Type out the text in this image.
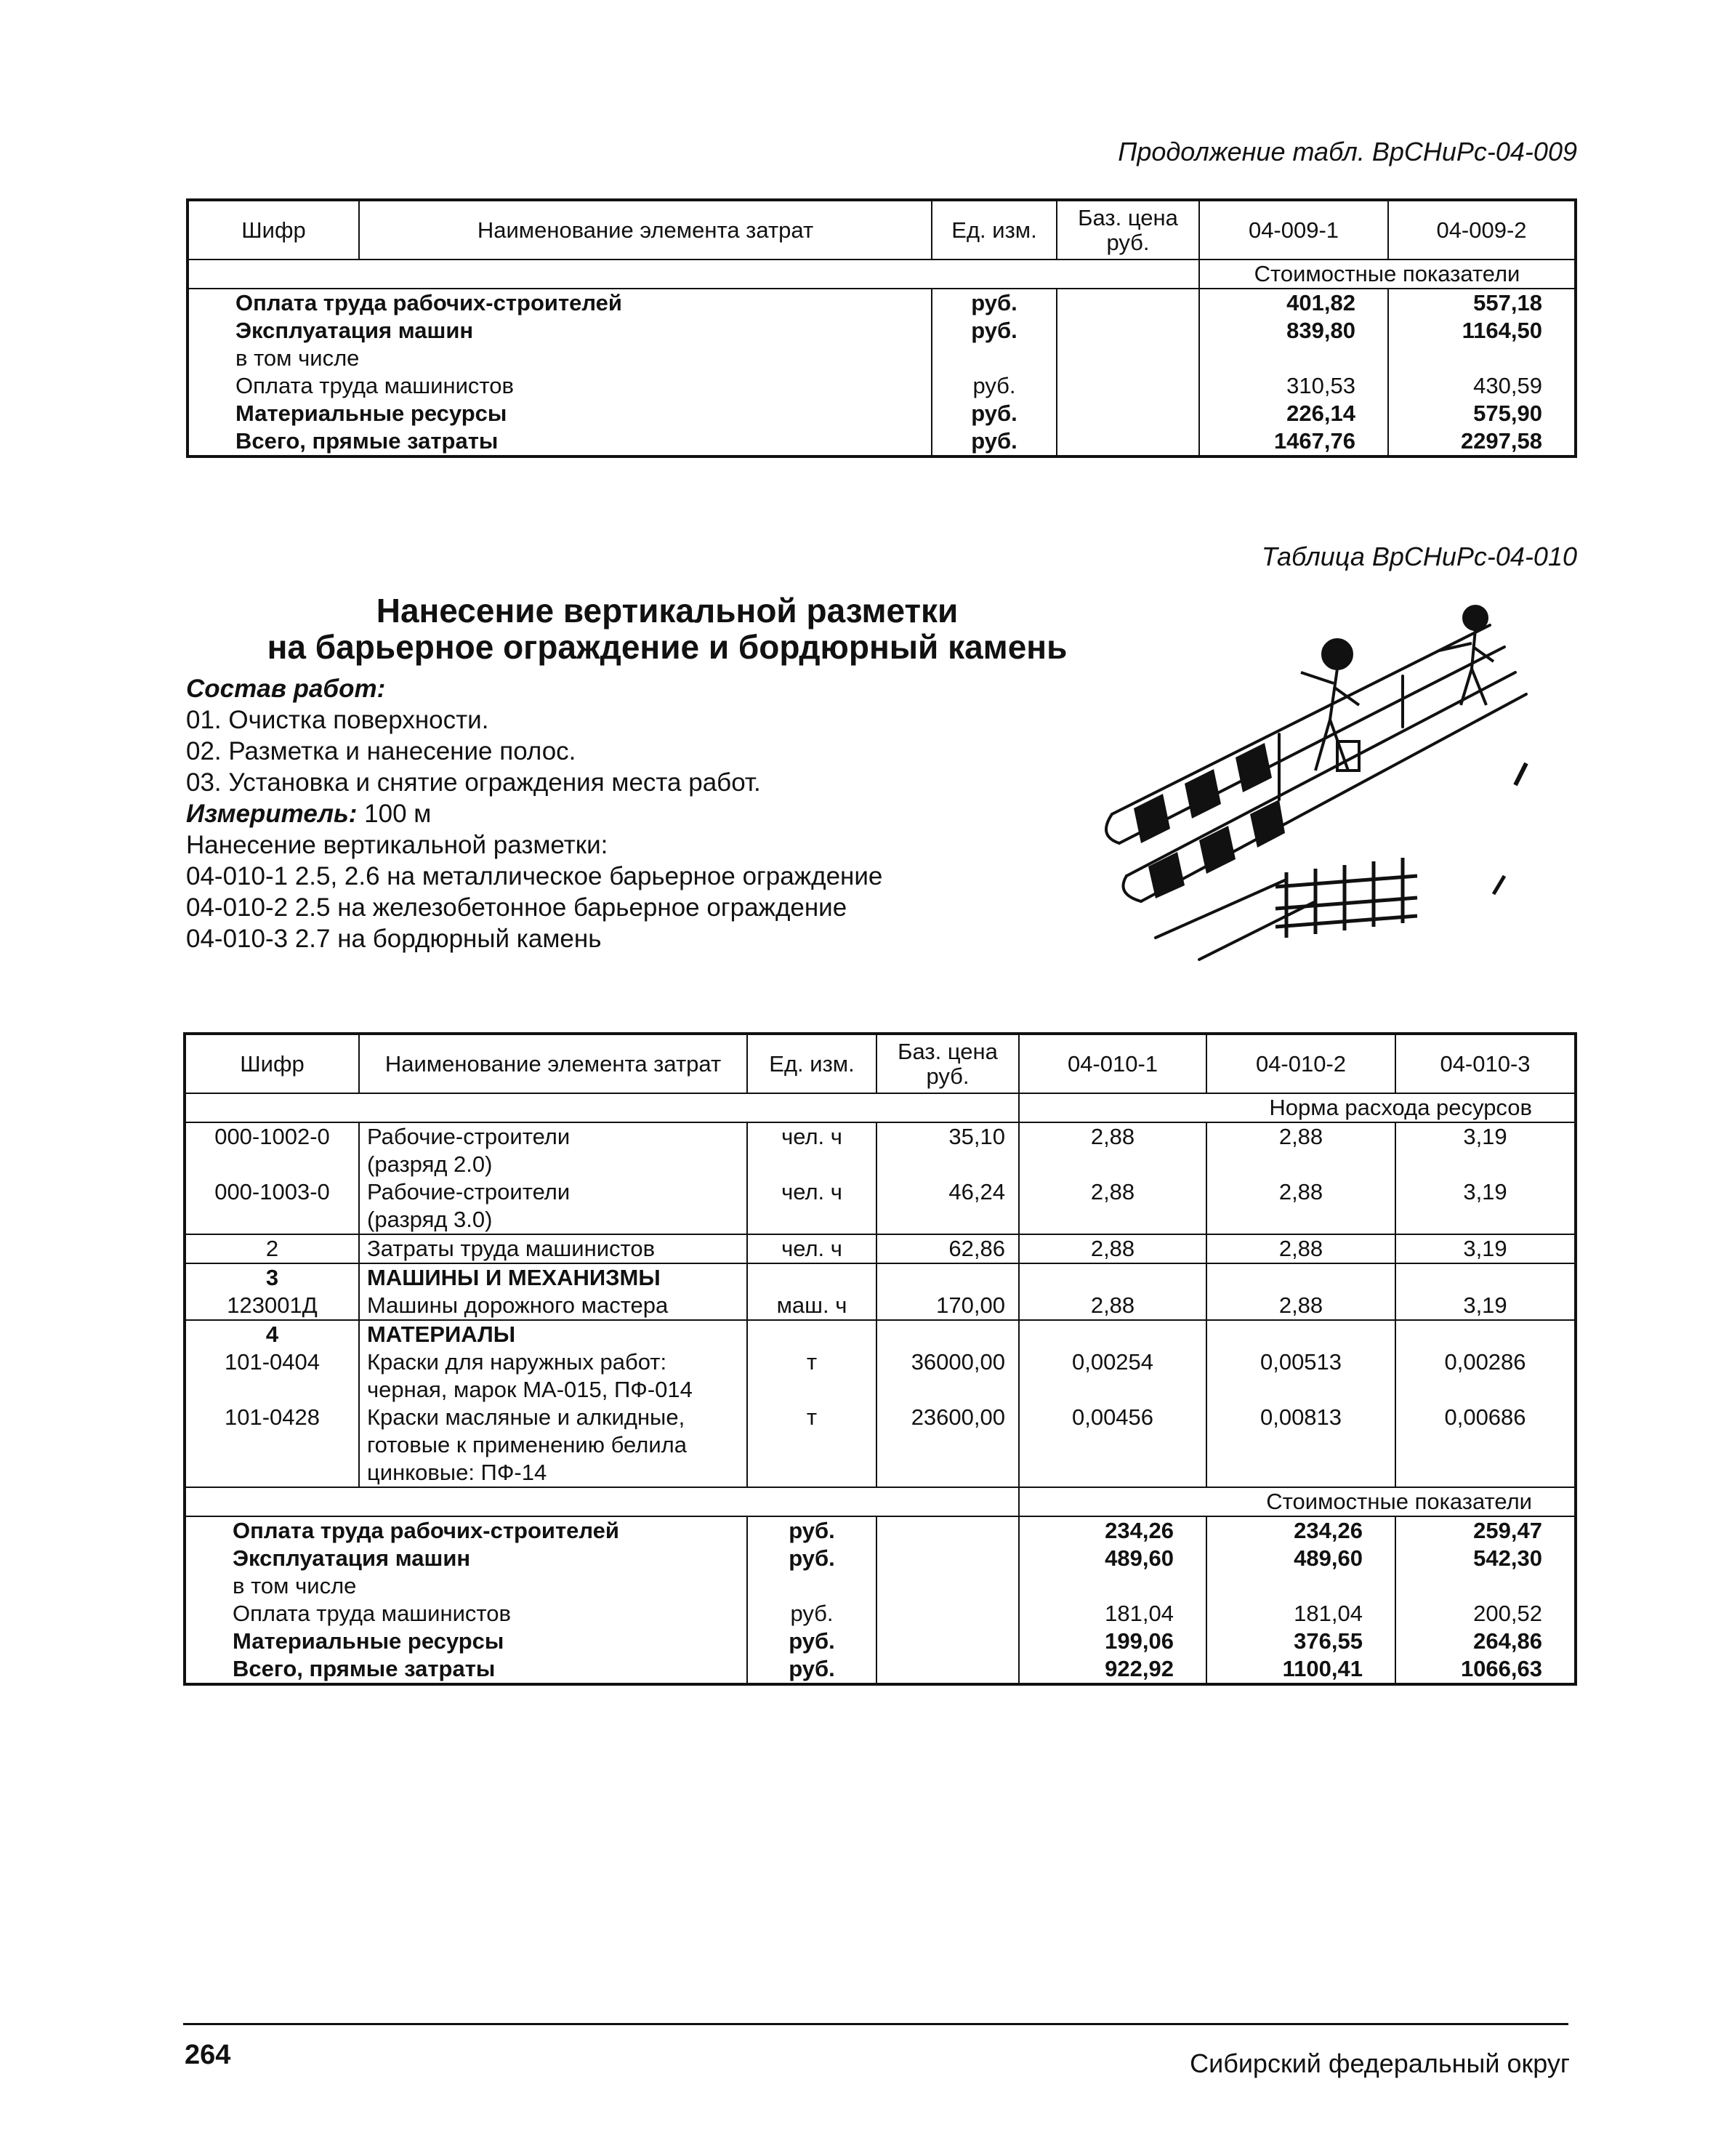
Продолжение табл. ВрСНиРс-04-009
Шифр	Наименование элемента затрат	Ед. изм.	Баз. цена руб.	04-009-1	04-009-2
				Стоимостные показатели	
Оплата труда рабочих-строителей		руб.		401,82	557,18
Эксплуатация машин		руб.		839,80	1164,50
в том числе					
Оплата труда машинистов		руб.		310,53	430,59
Материальные ресурсы		руб.		226,14	575,90
Всего, прямые затраты		руб.		1467,76	2297,58
Таблица ВрСНиРс-04-010
Нанесение вертикальной разметки
на барьерное ограждение и бордюрный камень
Состав работ:
01. Очистка поверхности.
02. Разметка и нанесение полос.
03. Установка и снятие ограждения места работ.
Измеритель: 100 м
Нанесение вертикальной разметки:
04-010-1 2.5, 2.6 на металлическое барьерное ограждение
04-010-2 2.5 на железобетонное барьерное ограждение
04-010-3 2.7 на бордюрный камень
Шифр	Наименование элемента затрат	Ед. изм.	Баз. цена руб.	04-010-1	04-010-2	04-010-3
				Норма расхода ресурсов		
000-1002-0	Рабочие-строители
(разряд 2.0)	чел. ч	35,10	2,88	2,88	3,19
000-1003-0	Рабочие-строители
(разряд 3.0)	чел. ч	46,24	2,88	2,88	3,19
2	Затраты труда машинистов	чел. ч	62,86	2,88	2,88	3,19
3	МАШИНЫ И МЕХАНИЗМЫ					
123001Д	Машины дорожного мастера	маш. ч	170,00	2,88	2,88	3,19
4	МАТЕРИАЛЫ					
101-0404	Краски для наружных работ:
черная, марок МА-015, ПФ-014	т	36000,00	0,00254	0,00513	0,00286
101-0428	Краски масляные и алкидные,
готовые к применению белила
цинковые: ПФ-14	т	23600,00	0,00456	0,00813	0,00686
				Стоимостные показатели		
Оплата труда рабочих-строителей		руб.		234,26	234,26	259,47
Эксплуатация машин		руб.		489,60	489,60	542,30
в том числе						
Оплата труда машинистов		руб.		181,04	181,04	200,52
Материальные ресурсы		руб.		199,06	376,55	264,86
Всего, прямые затраты		руб.		922,92	1100,41	1066,63
264	Сибирский федеральный округ
